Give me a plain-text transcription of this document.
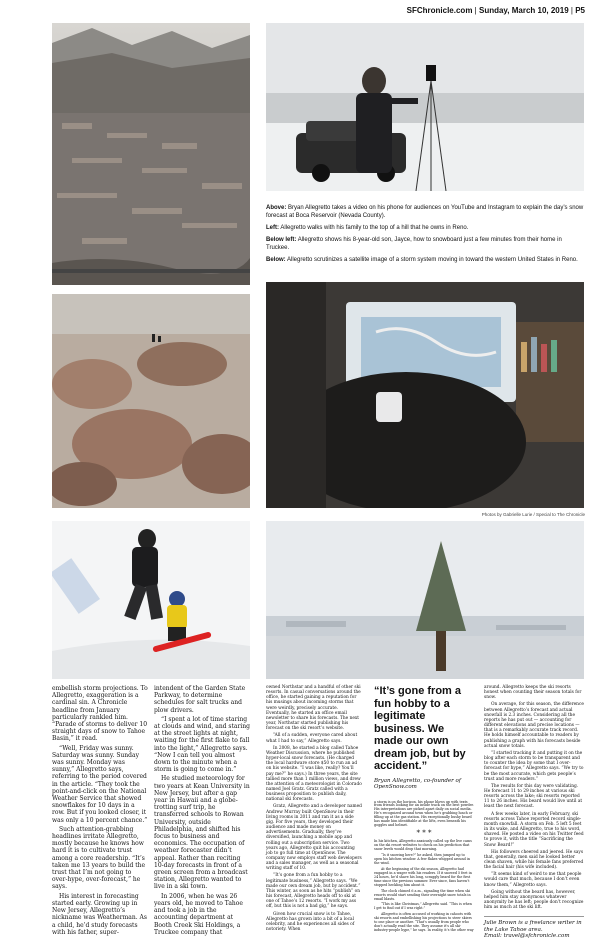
SFChronicle.com | Sunday, March 10, 2019 | P5

Above: Bryan Allegretto takes a video on his phone for audiences on YouTube and Instagram to explain the day’s snow forecast at Boca Reservoir (Nevada County).

Left: Allegretto walks with his family to the top of a hill that he owns in Reno.

Below left: Allegretto shows his 8-year-old son, Jayce, how to snowboard just a few minutes from their home in Truckee.

Below: Allegretto scrutinizes a satellite image of a storm system moving in toward the western United States in Reno.

Photos by Gabrielle Lurie / Special to The Chronicle

embellish storm projections. To Allegretto, exaggeration is a cardinal sin. A Chronicle headline from January particularly rankled him. “Parade of storms to deliver 10 straight days of snow to Tahoe Basin,” it read.

“Well, Friday was sunny. Saturday was sunny. Sunday was sunny. Monday was sunny,” Allegretto says, referring to the period covered in the article. “They took the point-and-click on the National Weather Service that showed snowflakes for 10 days in a row. But if you looked closer, it was only a 10 percent chance.”

Such attention-grabbing headlines irritate Allegretto, mostly because he knows how hard it is to cultivate trust among a core readership. “It’s taken me 13 years to build the trust that I’m not going to over-hype, over-forecast,” he says.

His interest in forecasting started early. Growing up in New Jersey, Allegretto’s nickname was Weatherman. As a child, he’d study forecasts with his father, super-

intendent of the Garden State Parkway, to determine schedules for salt trucks and plow drivers.

“I spent a lot of time staring at clouds and wind, and staring at the street lights at night, waiting for the first flake to fall into the light,” Allegretto says. “Now I can tell you almost down to the minute when a storm is going to come in.”

He studied meteorology for two years at Kean University in New Jersey, but after a gap year in Hawaii and a globe-trotting surf trip, he transferred schools to Rowan University, outside Philadelphia, and shifted his focus to business and economics. The occupation of weather forecaster didn’t appeal. Rather than reciting 10-day forecasts in front of a green screen from a broadcast station, Allegretto wanted to live in a ski town.

In 2006, when he was 26 years old, he moved to Tahoe and took a job in the accounting department at Booth Creek Ski Holdings, a Truckee company that

owned Northstar and a handful of other ski resorts. In casual conversations around the office, he started gaining a reputation for his musings about incoming storms that were weirdly, precisely accurate. Eventually, he started an office email newsletter to share his forecasts. The next year, Northstar started publishing his forecast on the ski resort’s website.

“All of a sudden, everyone cared about what I had to say,” Allegretto says.

In 2008, he started a blog called Tahoe Weather Discussion, where he published hyper-local snow forecasts. (He charged the local hardware store $50 to run an ad on his website. “I was like, really? You’ll pay me?” he says.) In three years, the site tallied more than 1 million views, and drew the attention of a meteorologist in Colorado named Joel Gratz. Gratz called with a business proposition to publish daily, national ski forecasts.

Gratz, Allegretto and a developer named Andrew Murray built OpenSnow in their living rooms in 2011 and ran it as a side gig. For five years, they developed their audience and made money on advertisements. Gradually, they’ve diversified, launching a mobile app and rolling out a subscription service. Two years ago, Allegretto quit his accounting job to go full time at OpenSnow. The company now employs staff web developers and a sales manager, as well as a seasonal writing staff of 10.

“It’s gone from a fun hobby to a legitimate business,” Allegretto says. “We made our own dream job, but by accident.” This winter, as soon as he hits “publish” on his forecast, Allegretto heads off to ski at one of Tahoe’s 12 resorts. “I work my ass off, but this is not a bad gig,” he says.

Given how crucial snow is to Tahoe, Allegretto has grown into a bit of a local celebrity, and he experiences all sides of notoriety. When

“It’s gone from a fun hobby to a legitimate business. We made our own dream job, but by accident.”
Bryan Allegretto, co-founder of OpenSnow.com

a storm is on the horizon, his phone blows up with texts from friends looking for an inside track on the best powder. His interpretations are picked apart daily on social media. He’s recognized around town when he’s grabbing lunch or filling up at the gas station. His exceptionally bushy beard has made him identifiable at the lifts, even beneath his goggles and helmet.

* * *

In his kitchen, Allegretto anxiously called up the live cams on the ski resort websites to check on his prediction that snow levels would drop that morning.

“Is it snowing here?” he asked, then jumped up to open his kitchen window. A few flakes whipped around in the wind.

At the beginning of the ski season, Allegretto had engaged in a wager with his readers. If it snowed 5 feet in 24 hours, he’d shave his long, scraggly beard for the first time since the previous summer. Ever since, fans haven’t stopped heckling him about it.

The clock chimed 6 a.m., signaling the time when ski resorts would start sending their overnight snow totals in email blasts.

“This is like Christmas,” Allegretto said. “This is when I get to find out if I was right.”

Allegretto is often accused of working in cahoots with ski resorts and embellishing his projections to steer skiers to one place or another. “That’s usually from people who don’t actually read the site. They assume it’s all ski-industry-people hype,” he says. In reality, it’s the other way

around. Allegretto keeps the ski resorts honest when counting their season totals for snow.

On average, for this season, the difference between Allegretto’s forecast and actual snowfall is 2.3 inches. Considering all the reports he has put out — accounting for different elevations and precise locations — that is a remarkably accurate track record. He holds himself accountable to readers by publishing a graph with his forecasts beside actual snow totals.

“I started tracking it and putting it on the blog after each storm to be transparent and to counter the idea by some that I over-forecast for hype,” Allegretto says. “We try to be the most accurate, which gets people’s trust and more readers.”

The results for this day were validating. He forecast 11 to 29 inches at various ski resorts across the lake; ski resorts reported 11 to 26 inches. His beard would live until at least the next forecast.

A few weeks later, in early February, ski resorts across Tahoe reported record single-month snowfall. A storm on Feb. 5 left 5 feet in its wake, and Allegretto, true to his word, shaved. He posted a video on his Twitter feed to prove it, with the title “Sacrificing the Snow Beard!”

His followers cheered and jeered. He says that, generally, men said he looked better clean shaven, while his female fans preferred the facial hair (his wife included).

“It seems kind of weird to me that people would care that much, because I don’t even know them,” Allegretto says.

Going without the beard has, however, helped him stay anonymous whatever anonymity he has left; people don’t recognize him as much at the ski lift.

Julie Brown is a freelance writer in the Lake Tahoe area.
Email: travel@sfchronicle.com
